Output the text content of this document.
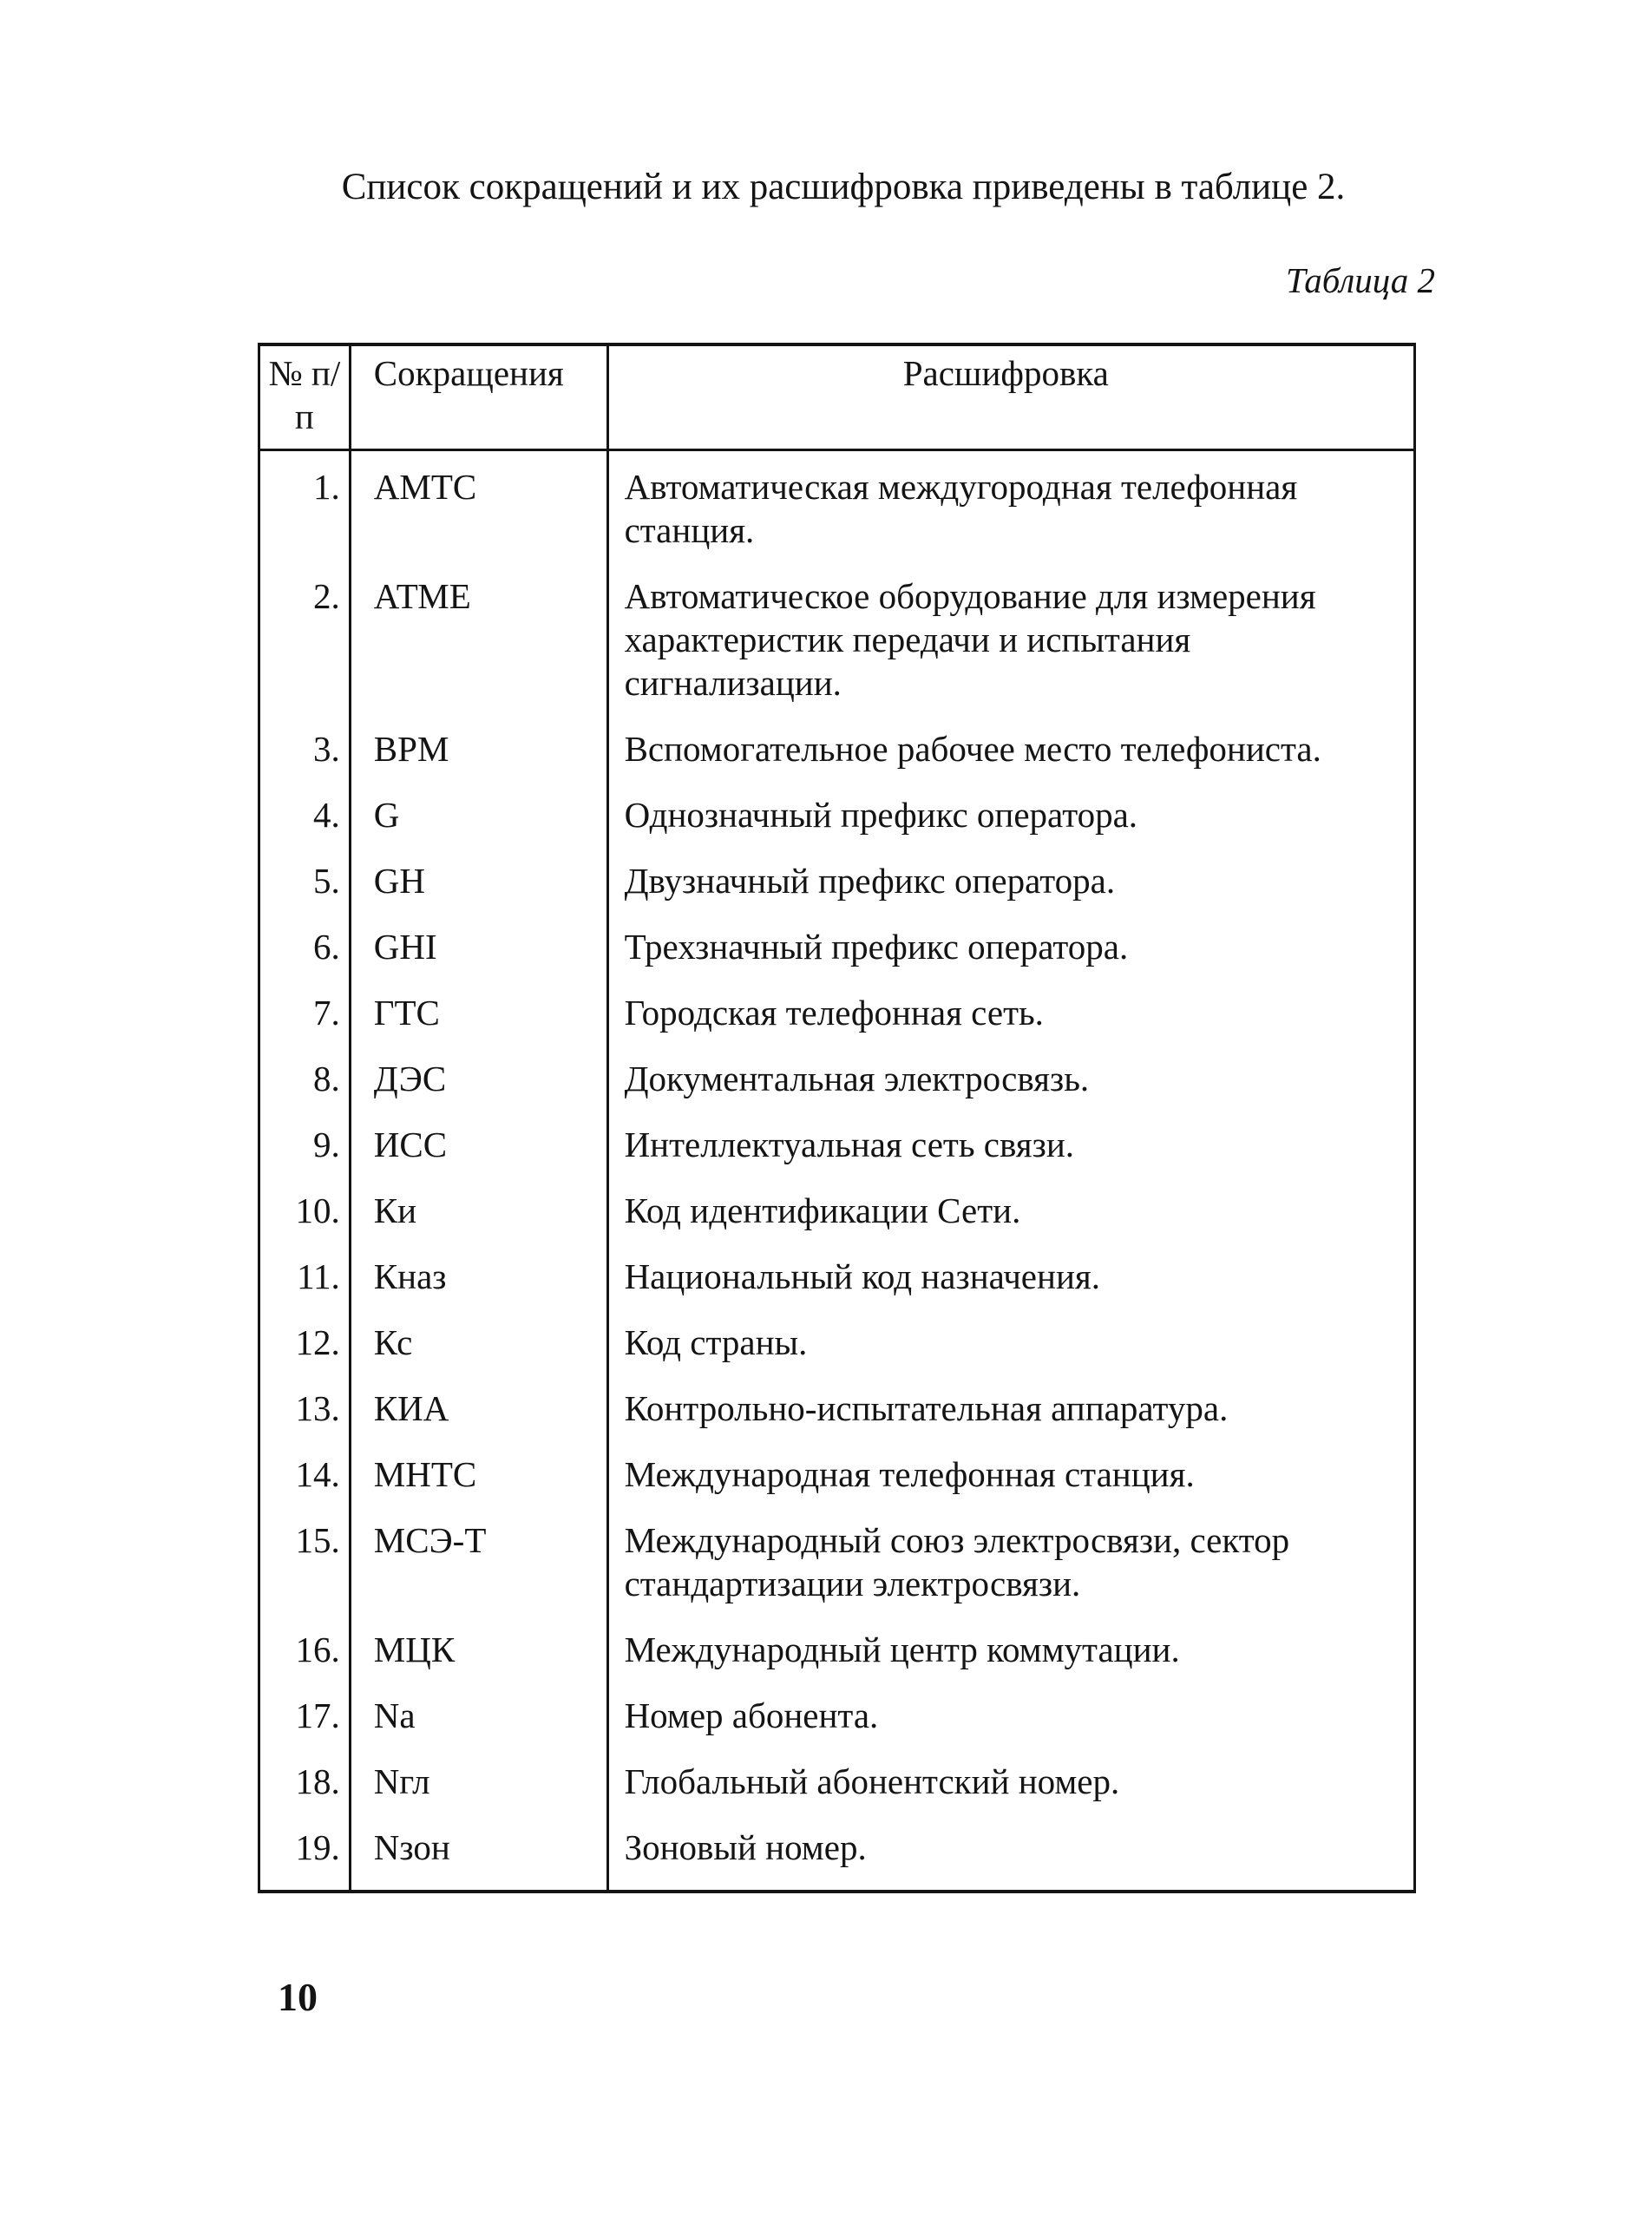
Список сокращений и их расшифровка приведены в таблице 2.

Таблица 2

№ п/п	Сокращения	Расшифровка
1.	АМТС	Автоматическая междугородная телефонная станция.
2.	АТМЕ	Автоматическое оборудование для измерения характеристик передачи и испытания сигнализации.
3.	ВРМ	Вспомогательное рабочее место телефониста.
4.	G	Однозначный префикс оператора.
5.	GH	Двузначный префикс оператора.
6.	GHI	Трехзначный префикс оператора.
7.	ГТС	Городская телефонная сеть.
8.	ДЭС	Документальная электросвязь.
9.	ИСС	Интеллектуальная сеть связи.
10.	Ки	Код идентификации Сети.
11.	Кназ	Национальный код назначения.
12.	Кс	Код страны.
13.	КИА	Контрольно-испытательная аппаратура.
14.	МНТС	Международная телефонная станция.
15.	МСЭ-Т	Международный союз электросвязи, сектор стандартизации электросвязи.
16.	МЦК	Международный центр коммутации.
17.	Na	Номер абонента.
18.	Nгл	Глобальный абонентский номер.
19.	Nзон	Зоновый номер.

10
